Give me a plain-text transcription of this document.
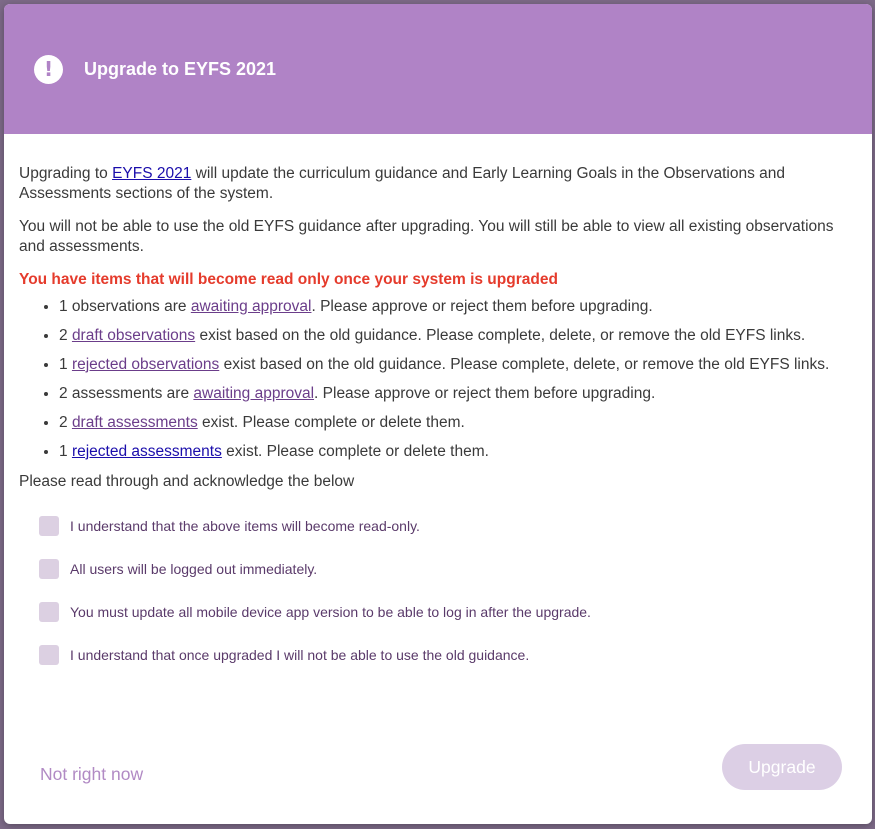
!	Upgrade to EYFS 2021

Upgrading to EYFS 2021 will update the curriculum guidance and Early Learning Goals in the Observations and Assessments sections of the system.

You will not be able to use the old EYFS guidance after upgrading. You will still be able to view all existing observations and assessments.

You have items that will become read only once your system is upgraded
• 1 observations are awaiting approval. Please approve or reject them before upgrading.
• 2 draft observations exist based on the old guidance. Please complete, delete, or remove the old EYFS links.
• 1 rejected observations exist based on the old guidance. Please complete, delete, or remove the old EYFS links.
• 2 assessments are awaiting approval. Please approve or reject them before upgrading.
• 2 draft assessments exist. Please complete or delete them.
• 1 rejected assessments exist. Please complete or delete them.
Please read through and acknowledge the below
I understand that the above items will become read-only.
All users will be logged out immediately.
You must update all mobile device app version to be able to log in after the upgrade.
I understand that once upgraded I will not be able to use the old guidance.
Not right now	Upgrade
